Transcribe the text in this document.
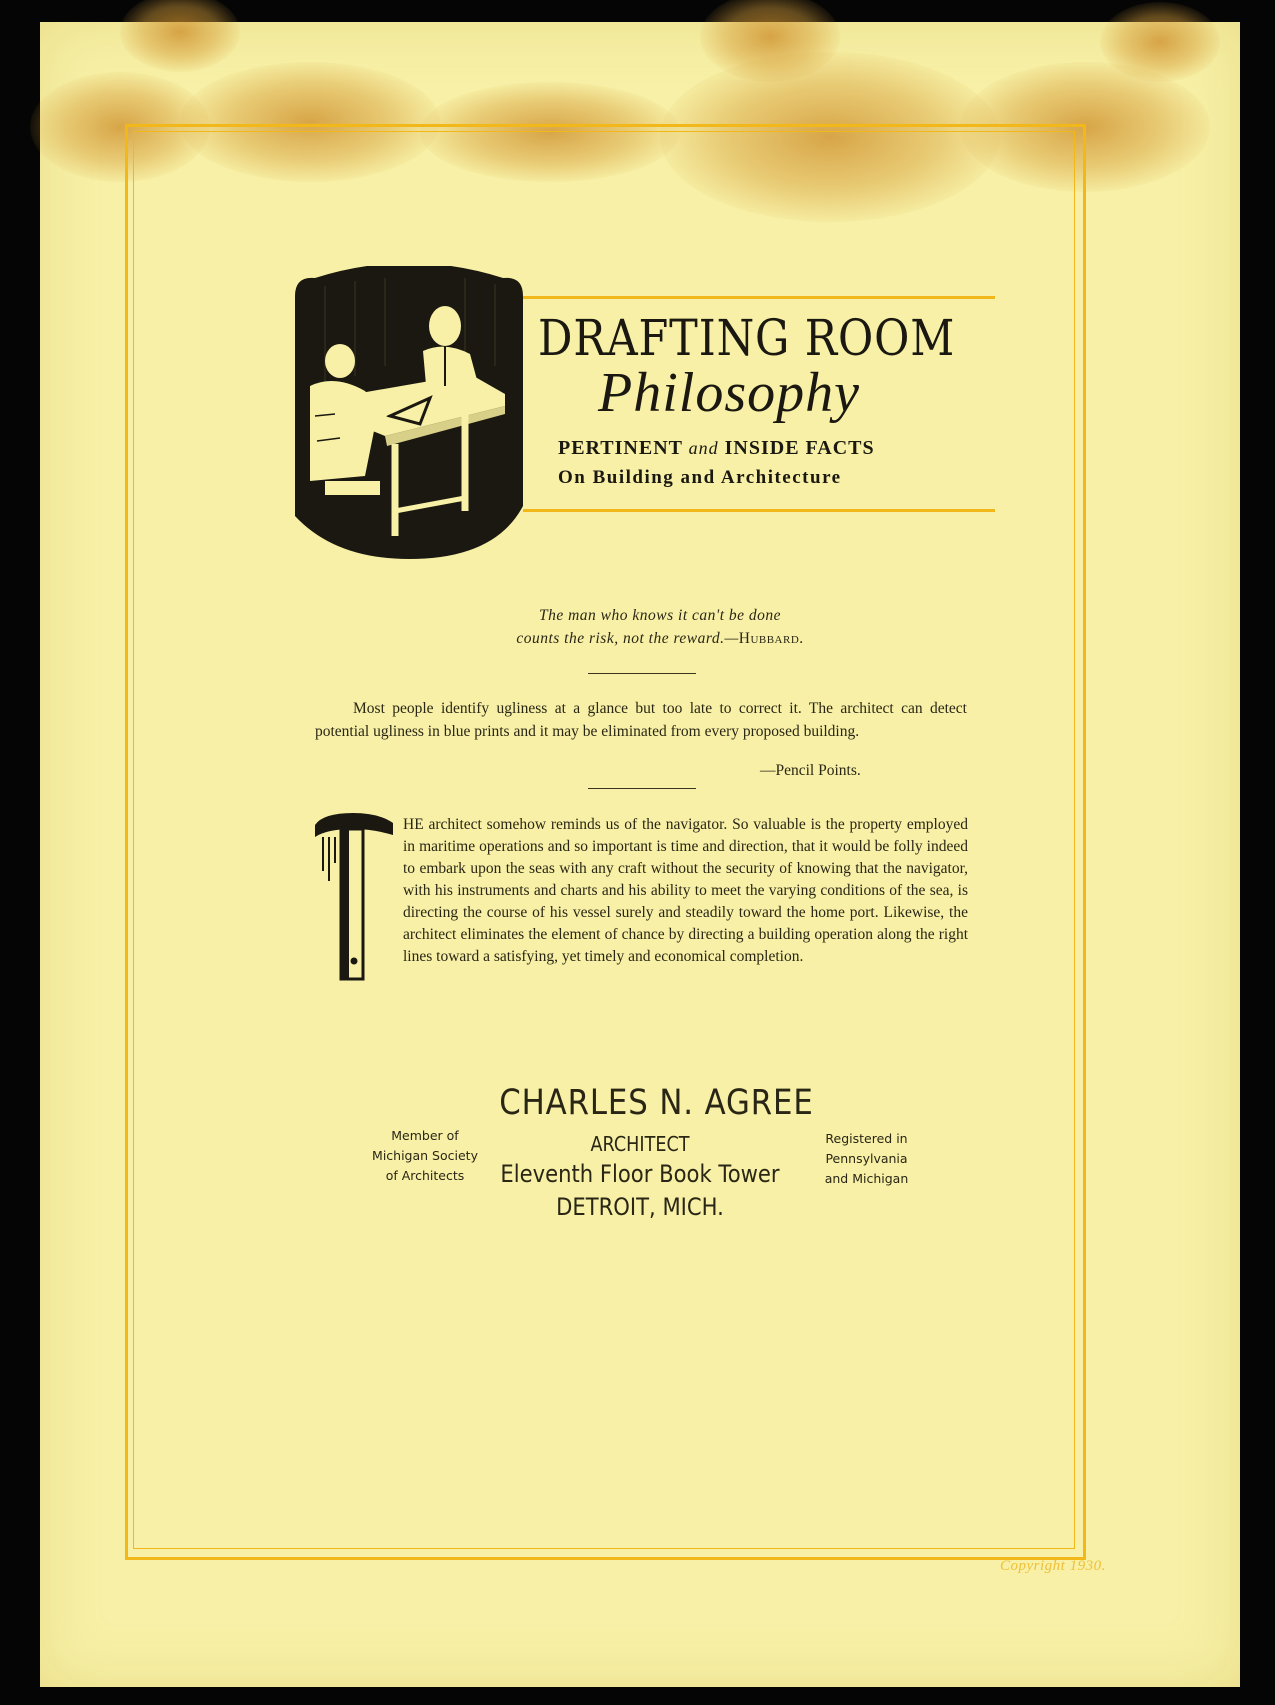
DRAFTING ROOM
Philosophy
PERTINENT and INSIDE FACTS
On Building and Architecture
The man who knows it can't be done
counts the risk, not the reward.—Hubbard.
Most people identify ugliness at a glance but too late to correct it. The architect can detect potential ugliness in blue prints and it may be eliminated from every proposed building.
—Pencil Points.
HE architect somehow reminds us of the navigator. So valuable is the property employed in maritime operations and so important is time and direction, that it would be folly indeed to embark upon the seas with any craft without the security of knowing that the navigator, with his instruments and charts and his ability to meet the varying conditions of the sea, is directing the course of his vessel surely and steadily toward the home port. Likewise, the architect eliminates the element of chance by directing a building operation along the right lines toward a satisfying, yet timely and economical completion.
CHARLES N. AGREE
ARCHITECT
Eleventh Floor Book Tower
DETROIT, MICH.
Member of
Michigan Society
of Architects
Registered in
Pennsylvania
and Michigan
Copyright 1930.
